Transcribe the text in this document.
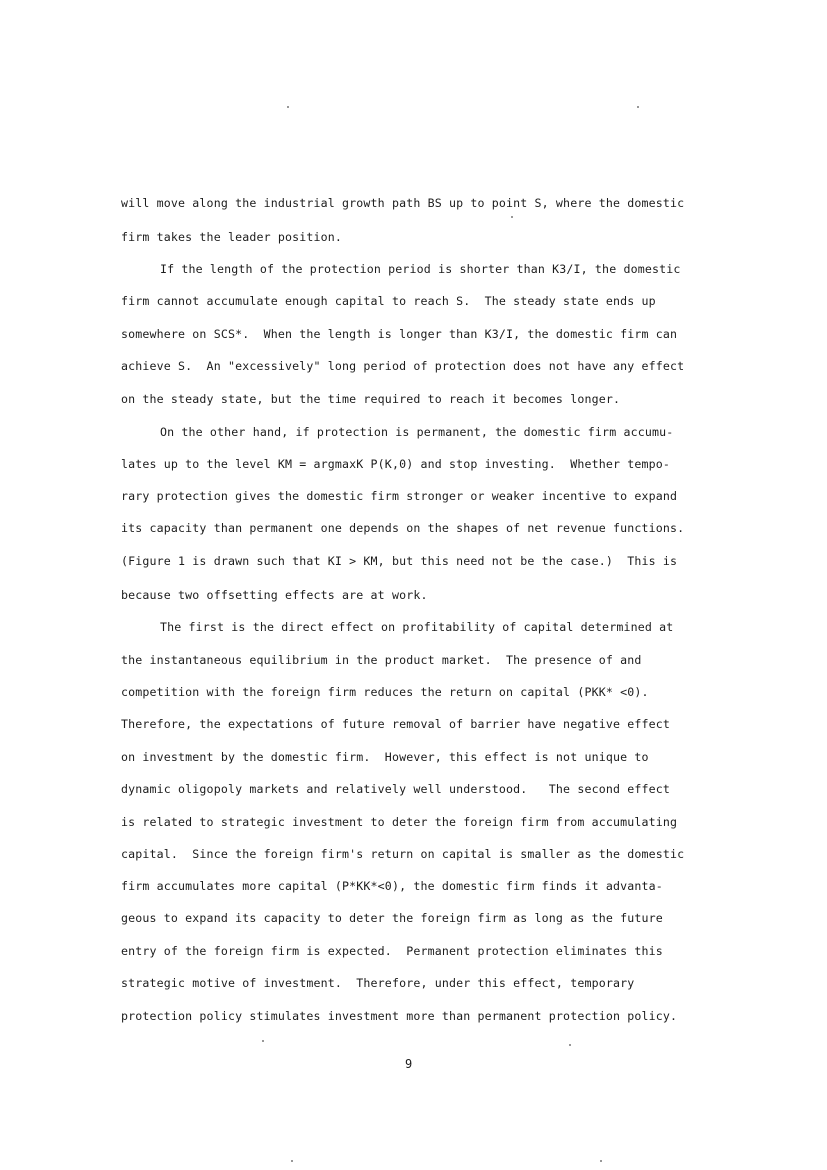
will move along the industrial growth path BS up to point S, where the domestic
firm takes the leader position.
If the length of the protection period is shorter than K3/I, the domestic
firm cannot accumulate enough capital to reach S.  The steady state ends up
somewhere on SCS*.  When the length is longer than K3/I, the domestic firm can
achieve S.  An "excessively" long period of protection does not have any effect
on the steady state, but the time required to reach it becomes longer.
On the other hand, if protection is permanent, the domestic firm accumu-
lates up to the level KM = argmaxK P(K,0) and stop investing.  Whether tempo-
rary protection gives the domestic firm stronger or weaker incentive to expand
its capacity than permanent one depends on the shapes of net revenue functions.
(Figure 1 is drawn such that KI > KM, but this need not be the case.)  This is
because two offsetting effects are at work.
The first is the direct effect on profitability of capital determined at
the instantaneous equilibrium in the product market.  The presence of and
competition with the foreign firm reduces the return on capital (PKK* <0).
Therefore, the expectations of future removal of barrier have negative effect
on investment by the domestic firm.  However, this effect is not unique to
dynamic oligopoly markets and relatively well understood.   The second effect
is related to strategic investment to deter the foreign firm from accumulating
capital.  Since the foreign firm's return on capital is smaller as the domestic
firm accumulates more capital (P*KK*<0), the domestic firm finds it advanta-
geous to expand its capacity to deter the foreign firm as long as the future
entry of the foreign firm is expected.  Permanent protection eliminates this
strategic motive of investment.  Therefore, under this effect, temporary
protection policy stimulates investment more than permanent protection policy.
9
